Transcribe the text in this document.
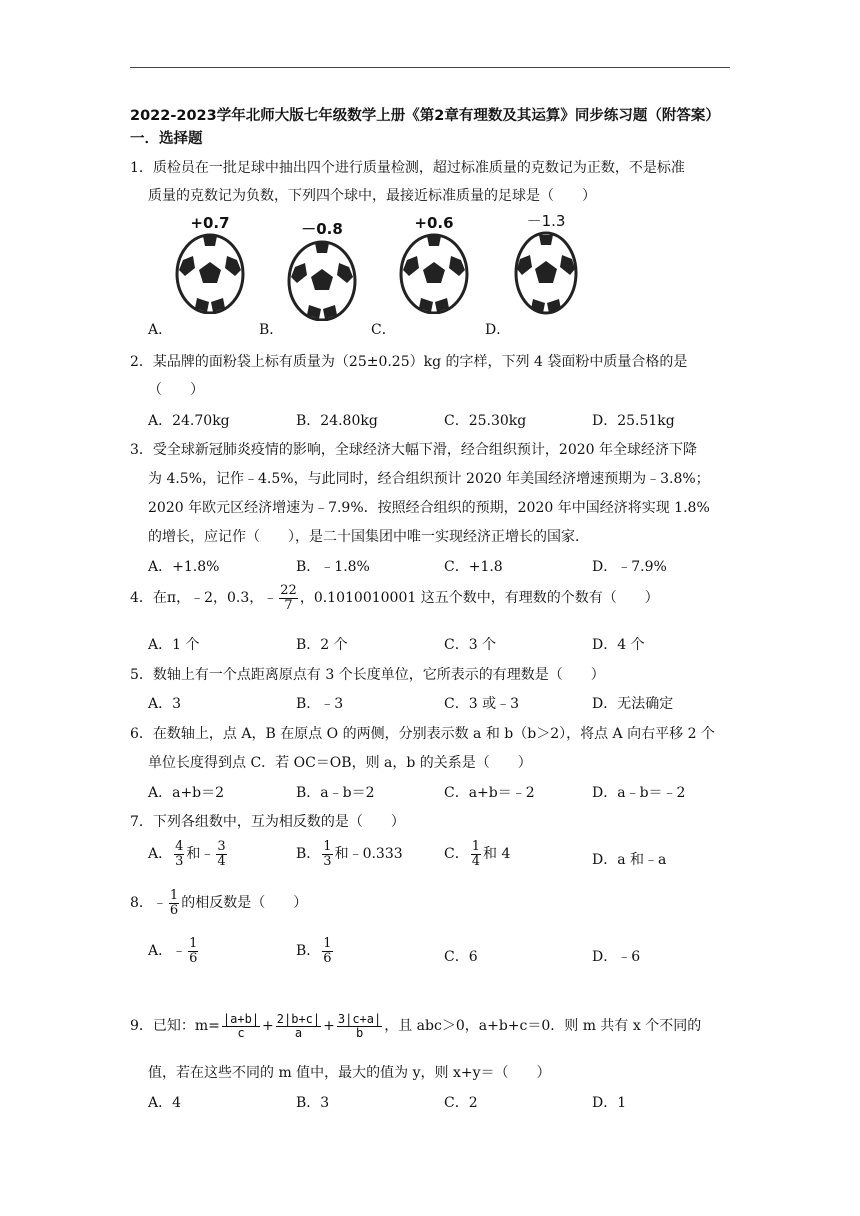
2022-2023学年北师大版七年级数学上册《第2章有理数及其运算》同步练习题（附答案）
一．选择题
1．质检员在一批足球中抽出四个进行质量检测，超过标准质量的克数记为正数，不是标准
质量的克数记为负数，下列四个球中，最接近标准质量的足球是（　　）
+0.7	－0.8	+0.6	－1.3
A．	B．	C．	D．
2．某品牌的面粉袋上标有质量为（25±0.25）kg 的字样，下列 4 袋面粉中质量合格的是
（　　）
A．24.70kg	B．24.80kg	C．25.30kg	D．25.51kg
3．受全球新冠肺炎疫情的影响，全球经济大幅下滑，经合组织预计，2020 年全球经济下降
为 4.5%，记作﹣4.5%，与此同时，经合组织预计 2020 年美国经济增速预期为﹣3.8%；
2020 年欧元区经济增速为﹣7.9%．按照经合组织的预期，2020 年中国经济将实现 1.8%
的增长，应记作（　　），是二十国集团中唯一实现经济正增长的国家．
A．+1.8%	B．﹣1.8%	C．+1.8	D．﹣7.9%
4．在π，﹣2，0.3，﹣ $\frac{22}{7}$ ，0.1010010001 这五个数中，有理数的个数有（　　）
A．1 个	B．2 个	C．3 个	D．4 个
5．数轴上有一个点距离原点有 3 个长度单位，它所表示的有理数是（　　）
A．3	B．﹣3	C．3 或﹣3	D．无法确定
6．在数轴上，点 A，B 在原点 O 的两侧，分别表示数 a 和 b（b＞2），将点 A 向右平移 2 个
单位长度得到点 C．若 OC＝OB，则 a，b 的关系是（　　）
A．a+b＝2	B．a﹣b＝2	C．a+b＝﹣2	D．a﹣b＝﹣2
7．下列各组数中，互为相反数的是（　　）
A． $\frac{4}{3}$ 和﹣ $\frac{3}{4}$	B． $\frac{1}{3}$ 和﹣0.333	C． $\frac{1}{4}$ 和 4	D．a 和﹣a
8．﹣ $\frac{1}{6}$ 的相反数是（　　）
A．﹣ $\frac{1}{6}$	B． $\frac{1}{6}$	C．6	D．﹣6
9．已知：$m= \frac{|a+b|}{c} + \frac{2|b+c|}{a} + \frac{3|c+a|}{b}$ ，且 abc＞0，a+b+c＝0．则 m 共有 x 个不同的
值，若在这些不同的 m 值中，最大的值为 y，则 x+y＝（　　）
A．4	B．3	C．2	D．1
